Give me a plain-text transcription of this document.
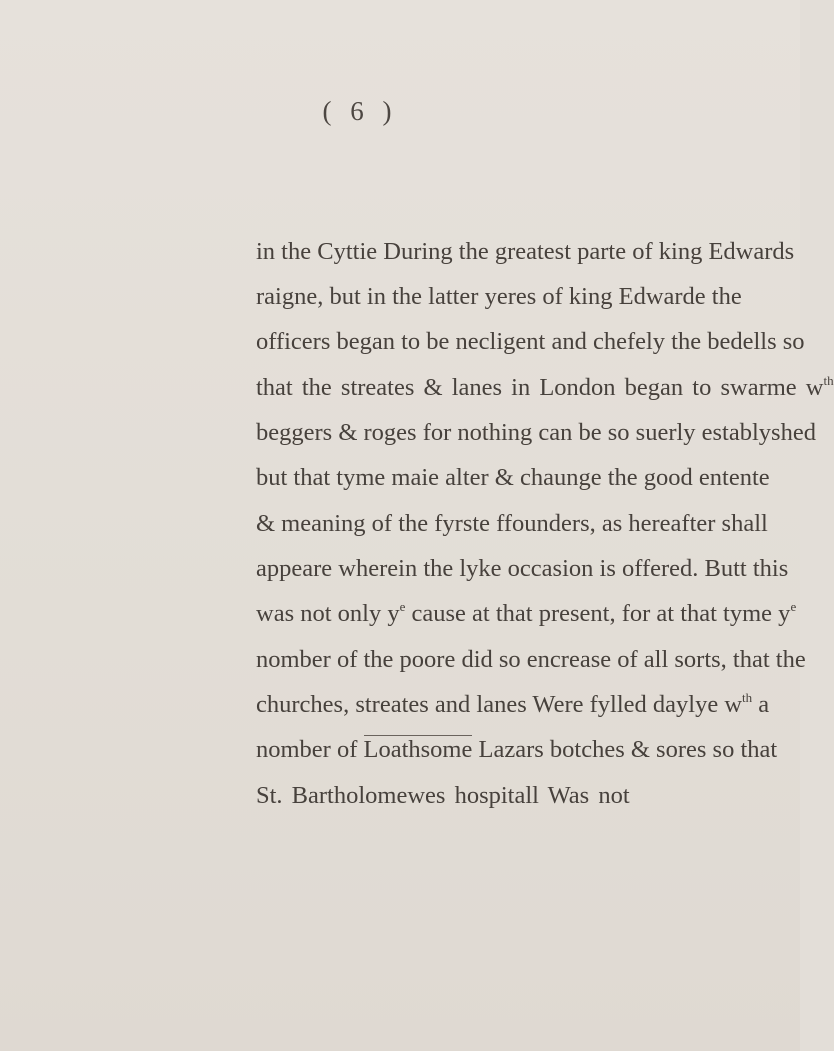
( 6 )
in the Cyttie During the greatest parte of king Edwards
raigne, but in the latter yeres of king Edwarde the
officers began to be necligent and chefely the bedells so
that the streates & lanes in London began to swarme $w^{th}$
beggers & roges for nothing can be so suerly establyshed
but that tyme maie alter & chaunge the good entente
& meaning of the fyrste ffounders, as hereafter shall
appeare wherein the lyke occasion is offered. Butt this
was not only $y^e$ cause at that present, for at that tyme $y^e$
nomber of the poore did so encrease of all sorts, that the
churches, streates and lanes Were fylled daylye $w^{th}$ a
nomber of Loathsome Lazars botches & sores so that
St. Bartholomewes hospitall Was not
